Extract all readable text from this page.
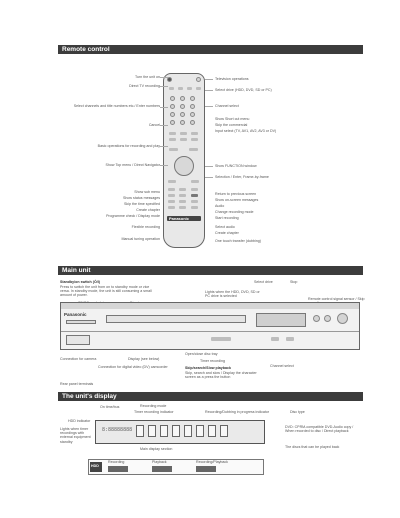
Remote control
Panasonic
Turn the unit on
Direct TV recording
Select channels and title numbers etc./ Enter numbers
Cancel
Basic operations for recording and play
Show Top menu / Direct Navigator
Show sub menu
Show status messages
Skip the time specified
Create chapter
Programme check / Display mode
Flexible recording
Manual tuning operation
Television operations
Select drive (HDD, DVD, SD or PC)
Channel select
Show Short cut menu
Skip the commercial
Input select (TV, AV1, AV2, AV3 or DV)
Show FUNCTION window
Selection / Enter, Frame-by-frame
Return to previous screen
Show on-screen messages
Audio
Change recording mode
Start recording
Select audio
Create chapter
One touch transfer (dubbing)
Main unit
Standby/on switch (Ò/I)
Press to switch the unit from on to standby mode or vice versa. In standby mode, the unit is still consuming a small amount of power.
Lights when the HDD, DVD, SD or PC drive is selected
Select drive	Stop
Remote control signal sensor / Skip
Panasonic
Connection for camera	Display (see below)
Connection for digital video (DV) camcorder
Open/close disc tray
Timer recording
Skip/search/Slow playback
Skip, search and slow / Display the character screen as a press the button
Channel select
Rear panel terminals
The unit's display
On time/bus	Recording mode
Timer recording indicator	Recording/Dubbing in progress indicator	Disc type
HDD indicator
Lights when timer recordings with external equipment standby
8:88888888
Main display section
DVD: CPRM-compatible DVD-Audio copy / When recorded to disc / Direct playback
The discs that can be played back
HDD
Recording	Playback	Recording/Playback
